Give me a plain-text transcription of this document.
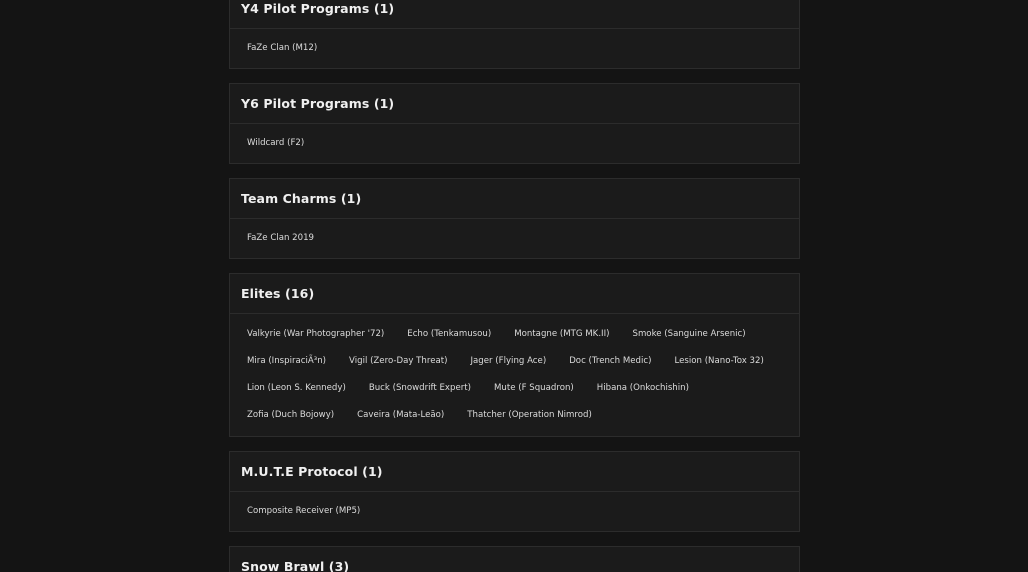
Y4 Pilot Programs (1)
FaZe Clan (M12)
Y6 Pilot Programs (1)
Wildcard (F2)
Team Charms (1)
FaZe Clan 2019
Elites (16)
Valkyrie (War Photographer '72)	Echo (Tenkamusou)	Montagne (MTG MK.II)	Smoke (Sanguine Arsenic)
Mira (InspiraciÃ³n)	Vigil (Zero-Day Threat)	Jager (Flying Ace)	Doc (Trench Medic)	Lesion (Nano-Tox 32)
Lion (Leon S. Kennedy)	Buck (Snowdrift Expert)	Mute (F Squadron)	Hibana (Onkochishin)
Zofia (Duch Bojowy)	Caveira (Mata-Leão)	Thatcher (Operation Nimrod)
M.U.T.E Protocol (1)
Composite Receiver (MP5)
Snow Brawl (3)
